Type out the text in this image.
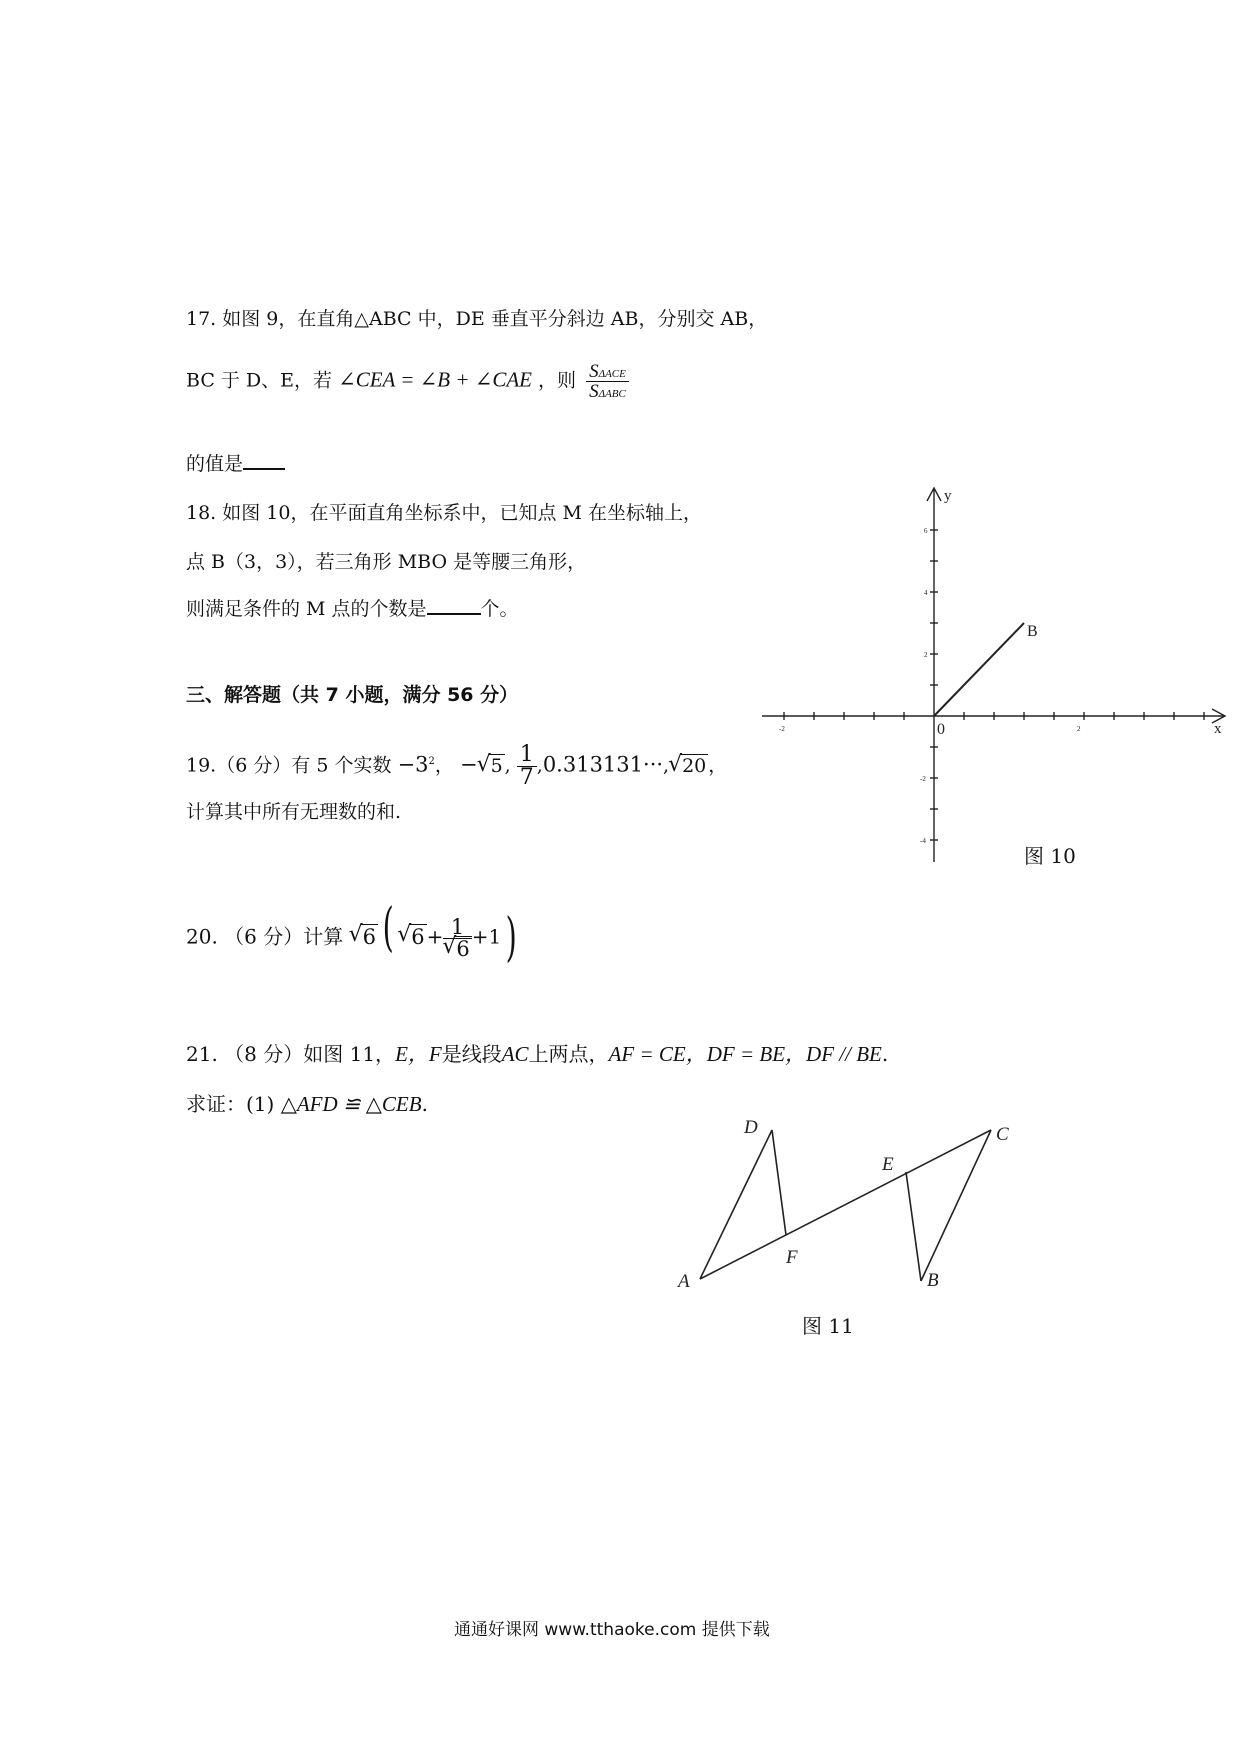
17. 如图 9，在直角△ABC 中，DE 垂直平分斜边 AB，分别交 AB，
BC 于 D、E，若 ∠CEA = ∠B + ∠CAE ，则 $\frac{\text{SΔACE}}{\text{SΔABC}}$
的值是
18. 如图 10，在平面直角坐标系中，已知点 M 在坐标轴上，
点 B（3，3），若三角形 MBO 是等腰三角形，
则满足条件的 M 点的个数是	个。
三、解答题（共 7 小题，满分 56 分）
19.（6 分）有 5 个实数 $-3^2$， −√ 5 , $\frac{1}{7} ,0.313131\cdot\cdot\cdot,√$ 20 ，
计算其中所有无理数的和.
20. （6 分）计算 √ 6 (√ 6 + 1
√ 6 +1)
21. （8 分）如图 11，E，F是线段AC上两点，AF = CE，DF = BE，DF // BE.
求证：(1) △AFD ≌ △CEB.
x
y
0
B
-2	2
6
4
2
-2
-4
A	B
C
D
E
F
图 10
图 11
通通好课网 www.tthaoke.com 提供下载
